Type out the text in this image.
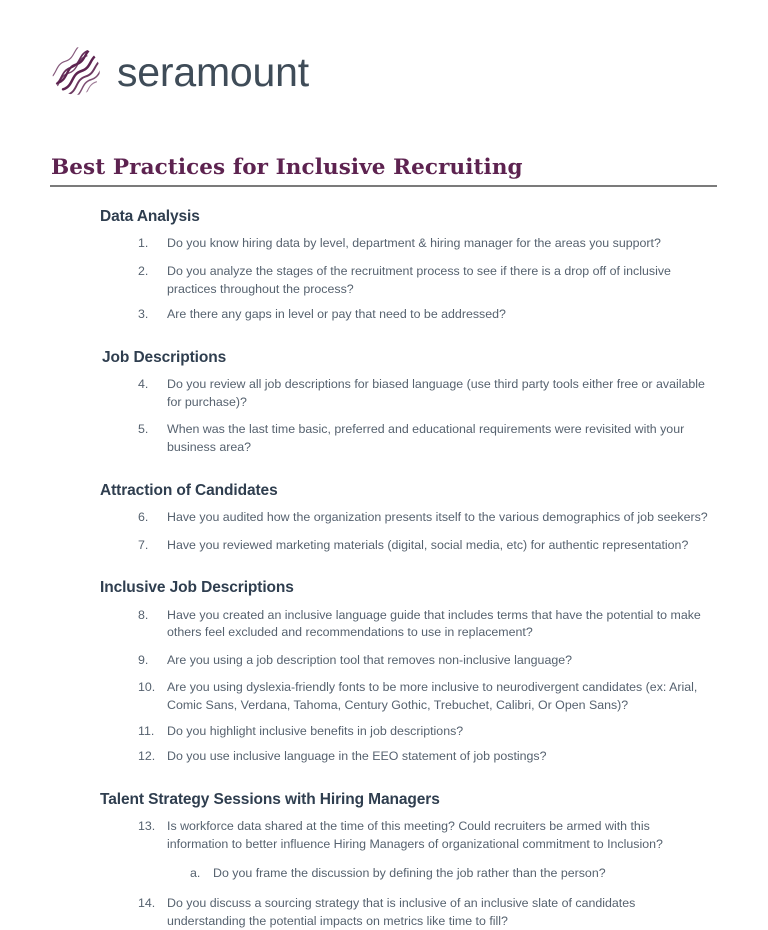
seramount
Best Practices for Inclusive Recruiting
Data Analysis
1.	Do you know hiring data by level, department & hiring manager for the areas you support?
2.	Do you analyze the stages of the recruitment process to see if there is a drop off of inclusive practices throughout the process?
3.	Are there any gaps in level or pay that need to be addressed?
Job Descriptions
4.	Do you review all job descriptions for biased language (use third party tools either free or available for purchase)?
5.	When was the last time basic, preferred and educational requirements were revisited with your business area?
Attraction of Candidates
6.	Have you audited how the organization presents itself to the various demographics of job seekers?
7.	Have you reviewed marketing materials (digital, social media, etc) for authentic representation?
Inclusive Job Descriptions
8.	Have you created an inclusive language guide that includes terms that have the potential to make others feel excluded and recommendations to use in replacement?
9.	Are you using a job description tool that removes non-inclusive language?
10. Are you using dyslexia-friendly fonts to be more inclusive to neurodivergent candidates (ex: Arial, Comic Sans, Verdana, Tahoma, Century Gothic, Trebuchet, Calibri, Or Open Sans)?
11.	Do you highlight inclusive benefits in job descriptions?
12. Do you use inclusive language in the EEO statement of job postings?
Talent Strategy Sessions with Hiring Managers
13. Is workforce data shared at the time of this meeting? Could recruiters be armed with this information to better influence Hiring Managers of organizational commitment to Inclusion?
a.	Do you frame the discussion by defining the job rather than the person?
14. Do you discuss a sourcing strategy that is inclusive of an inclusive slate of candidates understanding the potential impacts on metrics like time to fill?
